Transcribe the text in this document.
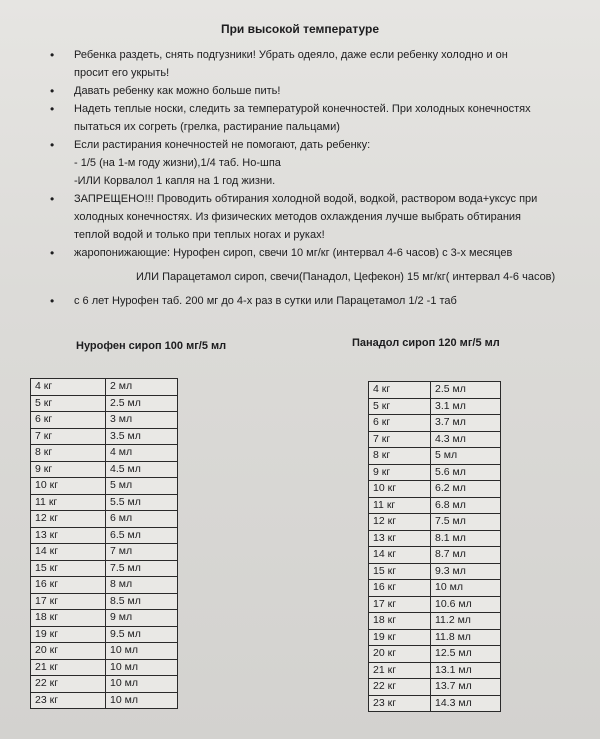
При высокой температуре
• Ребенка раздеть, снять подгузники! Убрать одеяло, даже если ребенку холодно и он
просит его укрыть!
• Давать ребенку как можно больше пить!
• Надеть теплые носки, следить за температурой конечностей. При холодных конечностях
пытаться их согреть (грелка, растирание пальцами)
• Если растирания конечностей не помогают, дать ребенку:
- 1/5 (на 1-м году жизни),1/4 таб. Но-шпа
-ИЛИ Корвалол 1 капля на 1 год жизни.
• ЗАПРЕЩЕНО!!! Проводить обтирания холодной водой, водкой, раствором вода+уксус при
холодных конечностях. Из физических методов охлаждения лучше выбрать обтирания
теплой водой и только при теплых ногах и руках!
• жаропонижающие: Нурофен сироп, свечи 10 мг/кг (интервал 4-6 часов) с 3-х месяцев
ИЛИ Парацетамол сироп, свечи(Панадол, Цефекон) 15 мг/кг( интервал 4-6 часов)
• с 6 лет Нурофен таб. 200 мг до 4-х раз в сутки или Парацетамол 1/2 -1 таб
Нурофен сироп 100 мг/5 мл	Панадол сироп 120 мг/5 мл
4 кг	2 мл
5 кг	2.5 мл
6 кг	3 мл
7 кг	3.5 мл
8 кг	4 мл
9 кг	4.5 мл
10 кг	5 мл
11 кг	5.5 мл
12 кг	6 мл
13 кг	6.5 мл
14 кг	7 мл
15 кг	7.5 мл
16 кг	8 мл
17 кг	8.5 мл
18 кг	9 мл
19 кг	9.5 мл
20 кг	10 мл
21 кг	10 мл
22 кг	10 мл
23 кг	10 мл
4 кг	2.5 мл
5 кг	3.1 мл
6 кг	3.7 мл
7 кг	4.3 мл
8 кг	5 мл
9 кг	5.6 мл
10 кг	6.2 мл
11 кг	6.8 мл
12 кг	7.5 мл
13 кг	8.1 мл
14 кг	8.7 мл
15 кг	9.3 мл
16 кг	10 мл
17 кг	10.6 мл
18 кг	11.2 мл
19 кг	11.8 мл
20 кг	12.5 мл
21 кг	13.1 мл
22 кг	13.7 мл
23 кг	14.3 мл
